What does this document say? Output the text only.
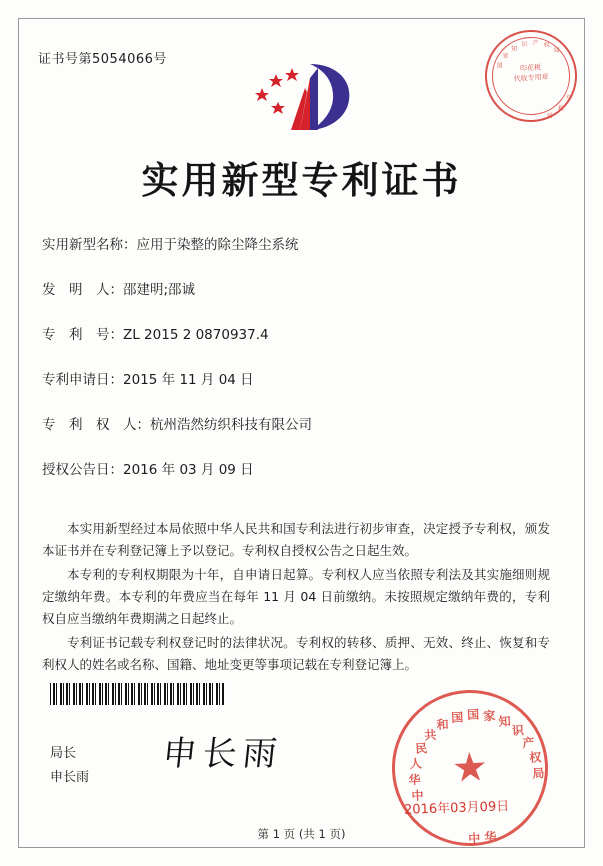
证书号第5054066号	国
家
知
识 产 权
局
专
利
局
印花税
代收专用章
实用新型专利证书
实用新型名称：应用于染整的除尘降尘系统
发　明　人：邵建明;邵诚
专　利　号：ZL 2015 2 0870937.4
专利申请日：2015 年 11 月 04 日
专　利　权　人：杭州浩然纺织科技有限公司
授权公告日：2016 年 03 月 09 日

本实用新型经过本局依照中华人民共和国专利法进行初步审查，决定授予专利权，颁发本证书并在专利登记簿上予以登记。专利权自授权公告之日起生效。

本专利的专利权期限为十年，自申请日起算。专利权人应当依照专利法及其实施细则规定缴纳年费。本专利的年费应当在每年 11 月 04 日前缴纳。未按照规定缴纳年费的，专利权自应当缴纳年费期满之日起终止。

专利证书记载专利权登记时的法律状况。专利权的转移、质押、无效、终止、恢复和专利权人的姓名或名称、国籍、地址变更等事项记载在专利登记簿上。

局长
申长雨
申长雨
中
华
人
民
共
和 国 国 家 知
识
产
权
局
华
中
★
2016年03月09日
第 1 页 (共 1 页)
